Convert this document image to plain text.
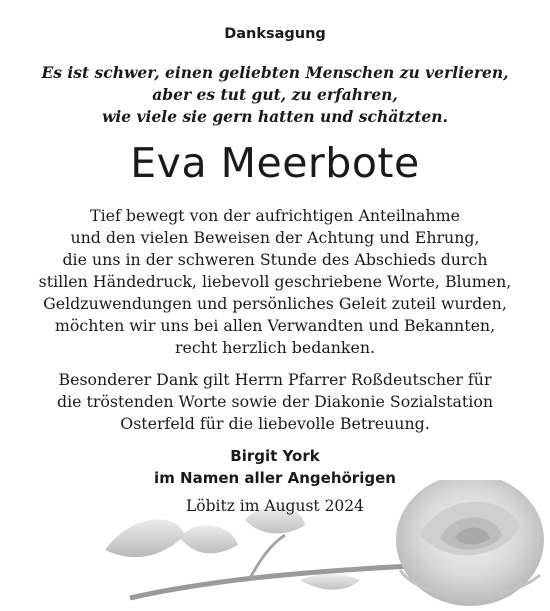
Danksagung
Es ist schwer, einen geliebten Menschen zu verlieren,
aber es tut gut, zu erfahren,
wie viele sie gern hatten und schätzten.
Eva Meerbote
Tief bewegt von der aufrichtigen Anteilnahme
und den vielen Beweisen der Achtung und Ehrung,
die uns in der schweren Stunde des Abschieds durch
stillen Händedruck, liebevoll geschriebene Worte, Blumen,
Geldzuwendungen und persönliches Geleit zuteil wurden,
möchten wir uns bei allen Verwandten und Bekannten,
recht herzlich bedanken.
Besonderer Dank gilt Herrn Pfarrer Roßdeutscher für
die tröstenden Worte sowie der Diakonie Sozialstation
Osterfeld für die liebevolle Betreuung.
Birgit York
im Namen aller Angehörigen
Löbitz im August 2024
